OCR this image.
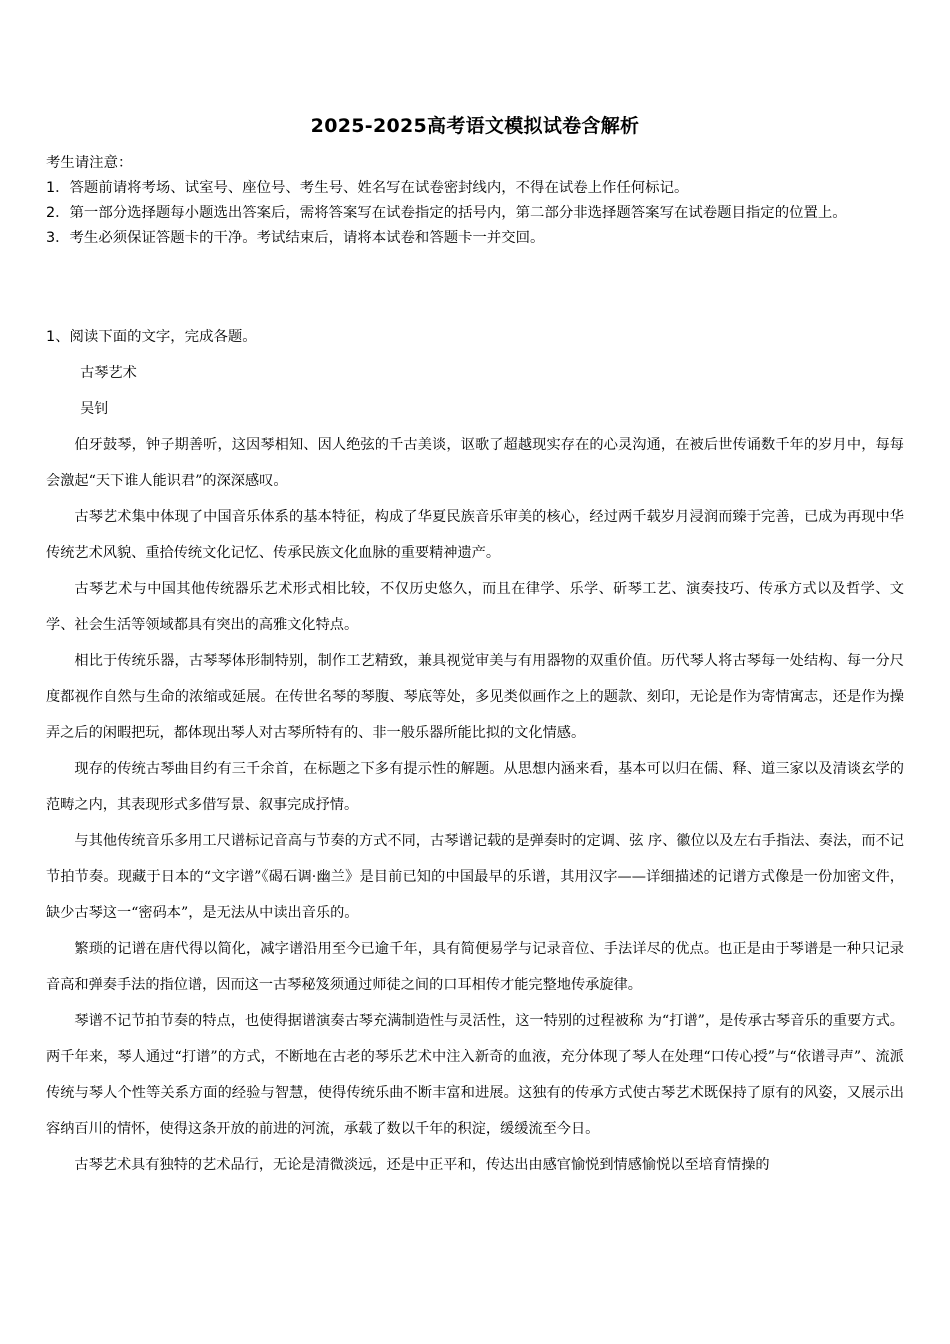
2025-2025高考语文模拟试卷含解析

考生请注意：

1．答题前请将考场、试室号、座位号、考生号、姓名写在试卷密封线内，不得在试卷上作任何标记。

2．第一部分选择题每小题选出答案后，需将答案写在试卷指定的括号内，第二部分非选择题答案写在试卷题目指定的位置上。

3．考生必须保证答题卡的干净。考试结束后，请将本试卷和答题卡一并交回。

1、阅读下面的文字，完成各题。

古琴艺术

吴钊

伯牙鼓琴，钟子期善听，这因琴相知、因人绝弦的千古美谈，讴歌了超越现实存在的心灵沟通，在被后世传诵数千年的岁月中，每每会激起“天下谁人能识君”的深深感叹。

古琴艺术集中体现了中国音乐体系的基本特征，构成了华夏民族音乐审美的核心，经过两千载岁月浸润而臻于完善，已成为再现中华传统艺术风貌、重拾传统文化记忆、传承民族文化血脉的重要精神遗产。

古琴艺术与中国其他传统器乐艺术形式相比较，不仅历史悠久，而且在律学、乐学、斫琴工艺、演奏技巧、传承方式以及哲学、文学、社会生活等领域都具有突出的高雅文化特点。

相比于传统乐器，古琴琴体形制特别，制作工艺精致，兼具视觉审美与有用器物的双重价值。历代琴人将古琴每一处结构、每一分尺度都视作自然与生命的浓缩或延展。在传世名琴的琴腹、琴底等处，多见类似画作之上的题款、刻印，无论是作为寄情寓志，还是作为操弄之后的闲暇把玩，都体现出琴人对古琴所特有的、非一般乐器所能比拟的文化情感。

现存的传统古琴曲目约有三千余首，在标题之下多有提示性的解题。从思想内涵来看，基本可以归在儒、释、道三家以及清谈玄学的范畴之内，其表现形式多借写景、叙事完成抒情。

与其他传统音乐多用工尺谱标记音高与节奏的方式不同，古琴谱记载的是弹奏时的定调、弦 序、徽位以及左右手指法、奏法，而不记节拍节奏。现藏于日本的“文字谱”《碣石调·幽兰》是目前已知的中国最早的乐谱，其用汉字——详细描述的记谱方式像是一份加密文件，缺少古琴这一“密码本”，是无法从中读出音乐的。

繁琐的记谱在唐代得以简化，减字谱沿用至今已逾千年，具有简便易学与记录音位、手法详尽的优点。也正是由于琴谱是一种只记录音高和弹奏手法的指位谱，因而这一古琴秘笈须通过师徒之间的口耳相传才能完整地传承旋律。

琴谱不记节拍节奏的特点，也使得据谱演奏古琴充满制造性与灵活性，这一特别的过程被称 为“打谱”，是传承古琴音乐的重要方式。两千年来，琴人通过“打谱”的方式，不断地在古老的琴乐艺术中注入新奇的血液，充分体现了琴人在处理“口传心授”与“依谱寻声”、流派传统与琴人个性等关系方面的经验与智慧，使得传统乐曲不断丰富和进展。这独有的传承方式使古琴艺术既保持了原有的风姿，又展示出容纳百川的情怀，使得这条开放的前进的河流，承载了数以千年的积淀，缓缓流至今日。

古琴艺术具有独特的艺术品行，无论是清微淡远，还是中正平和，传达出由感官愉悦到情感愉悦以至培育情操的
